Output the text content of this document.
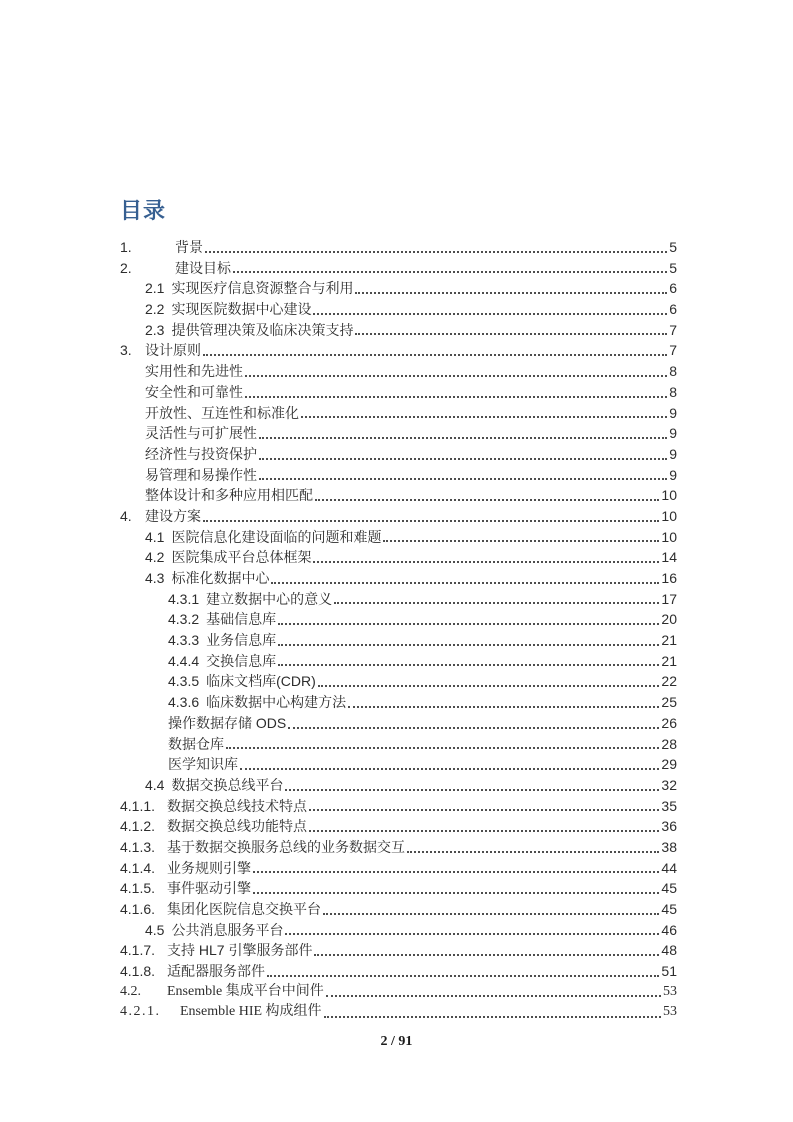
目录
1.	背景	5
2.	建设目标	5
2.1 实现医疗信息资源整合与利用	6
2.2 实现医院数据中心建设	6
2.3 提供管理决策及临床决策支持	7
3. 设计原则	7
实用性和先进性	8
安全性和可靠性	8
开放性、互连性和标准化	9
灵活性与可扩展性	9
经济性与投资保护	9
易管理和易操作性	9
整体设计和多种应用相匹配	10
4. 建设方案	10
4.1 医院信息化建设面临的问题和难题	10
4.2 医院集成平台总体框架	14
4.3 标准化数据中心	16
4.3.1 建立数据中心的意义	17
4.3.2 基础信息库	20
4.3.3 业务信息库	21
4.4.4 交换信息库	21
4.3.5 临床文档库(CDR)	22
4.3.6 临床数据中心构建方法	25
操作数据存储 ODS	26
数据仓库	28
医学知识库	29
4.4 数据交换总线平台	32
4.1.1. 数据交换总线技术特点	35
4.1.2. 数据交换总线功能特点	36
4.1.3. 基于数据交换服务总线的业务数据交互	38
4.1.4. 业务规则引擎	44
4.1.5. 事件驱动引擎	45
4.1.6. 集团化医院信息交换平台	45
4.5 公共消息服务平台	46
4.1.7. 支持 HL7 引擎服务部件	48
4.1.8. 适配器服务部件	51
4.2.	Ensemble 集成平台中间件	53
4.2.1.	Ensemble HIE 构成组件	53
2 / 91
